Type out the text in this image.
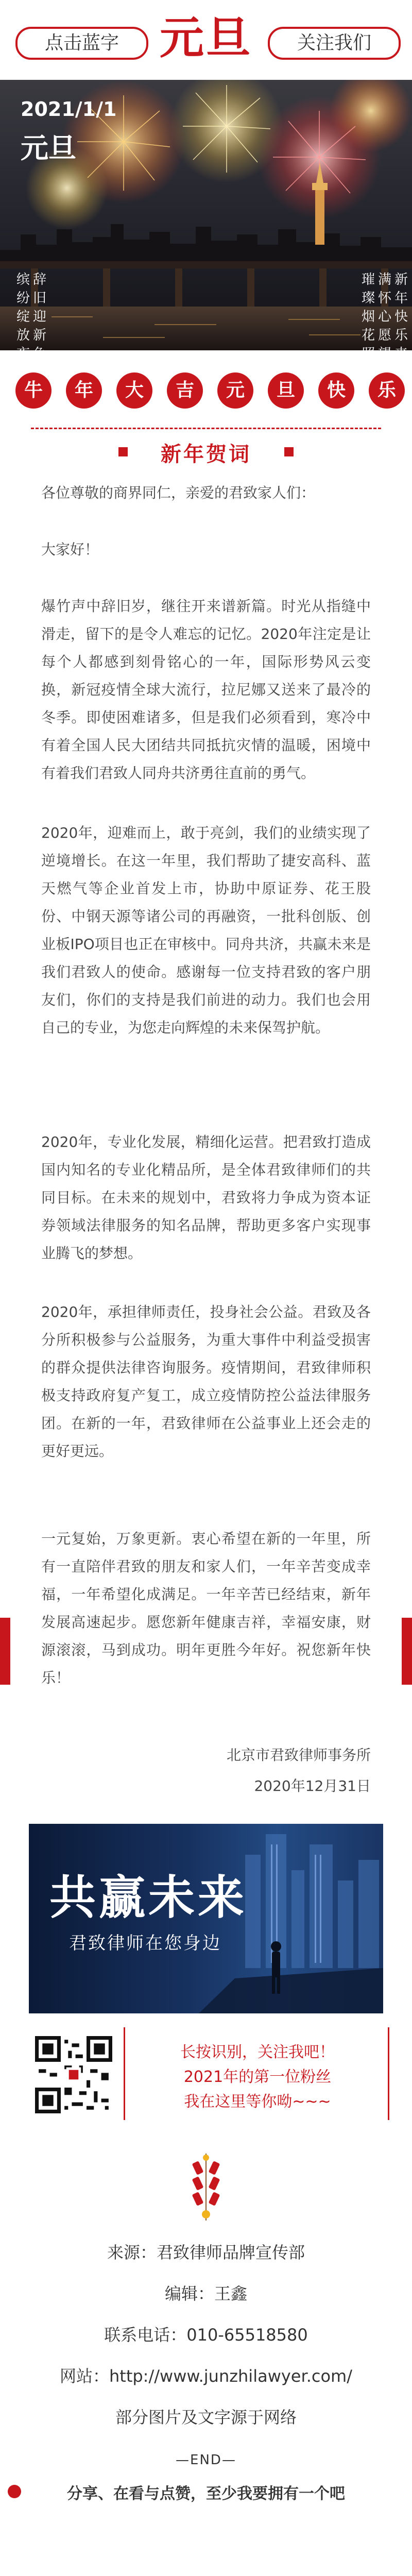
点击蓝字 元旦	关注我们
2021/1/1
元旦
缤
纷
绽
放
夜
辞
旧
迎
新
色
璀
璨
烟
花
照
满
怀
心
愿
望
新
年
快
乐
来
牛	年	大	吉	元	旦	快	乐
新年贺词
各位尊敬的商界同仁，亲爱的君致家人们：
大家好！
爆竹声中辞旧岁，继往开来谱新篇。时光从指缝中滑走，留下的是令人难忘的记忆。2020年注定是让每个人都感到刻骨铭心的一年，国际形势风云变换，新冠疫情全球大流行，拉尼娜又送来了最冷的冬季。即使困难诸多，但是我们必须看到，寒冷中有着全国人民大团结共同抵抗灾情的温暖，困境中有着我们君致人同舟共济勇往直前的勇气。
2020年，迎难而上，敢于亮剑，我们的业绩实现了逆境增长。在这一年里，我们帮助了捷安高科、蓝天燃气等企业首发上市，协助中原证券、花王股份、中钢天源等诸公司的再融资，一批科创版、创业板IPO项目也正在审核中。同舟共济，共赢未来是我们君致人的使命。感谢每一位支持君致的客户朋友们，你们的支持是我们前进的动力。我们也会用自己的专业，为您走向辉煌的未来保驾护航。
2020年，专业化发展，精细化运营。把君致打造成国内知名的专业化精品所，是全体君致律师们的共同目标。在未来的规划中，君致将力争成为资本证券领域法律服务的知名品牌，帮助更多客户实现事业腾飞的梦想。
2020年，承担律师责任，投身社会公益。君致及各分所积极参与公益服务，为重大事件中利益受损害的群众提供法律咨询服务。疫情期间，君致律师积极支持政府复产复工，成立疫情防控公益法律服务团。在新的一年，君致律师在公益事业上还会走的更好更远。
一元复始，万象更新。衷心希望在新的一年里，所有一直陪伴君致的朋友和家人们，一年辛苦变成幸福，一年希望化成满足。一年辛苦已经结束，新年发展高速起步。愿您新年健康吉祥，幸福安康，财源滚滚，马到成功。明年更胜今年好。祝您新年快乐！
北京市君致律师事务所
2020年12月31日
共赢未来
君致律师在您身边
长按识别，关注我吧！
2021年的第一位粉丝
我在这里等你呦~~~
来源：君致律师品牌宣传部
编辑：王鑫
联系电话：010-65518580
网站：http://www.junzhilawyer.com/
部分图片及文字源于网络
—END—
分享、在看与点赞，至少我要拥有一个吧
